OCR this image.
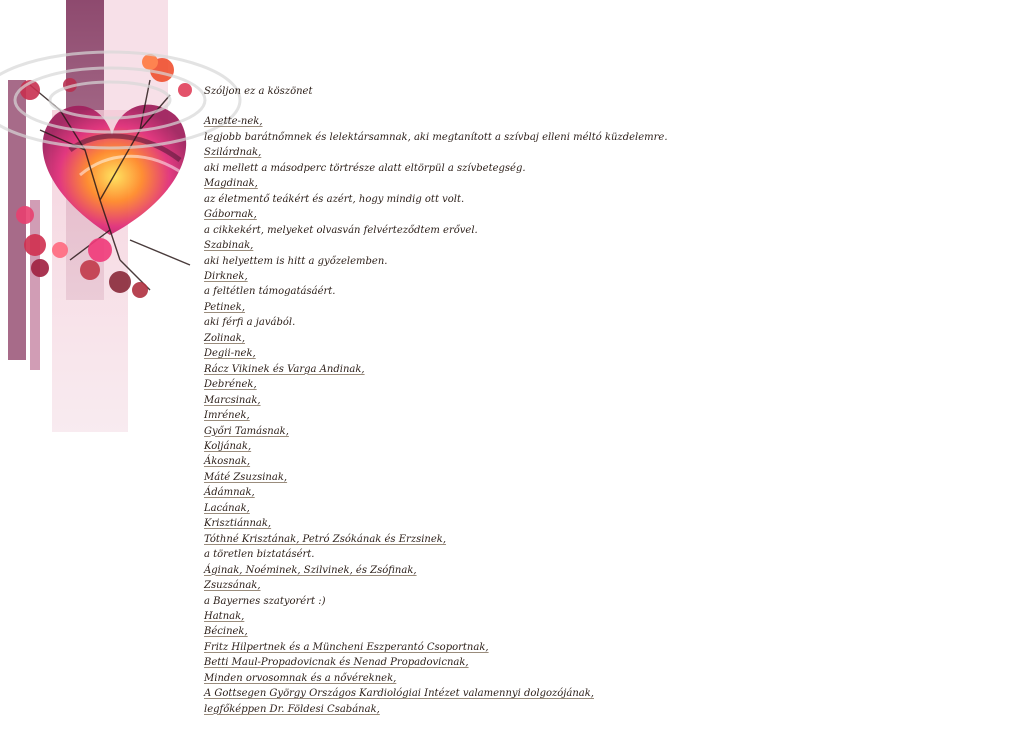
Szóljon ez a köszönet
Anette-nek,
legjobb barátnőmnek és lelektársamnak, aki megtanított a szívbaj elleni méltó küzdelemre.
Szilárdnak,
aki mellett a másodperc törtrésze alatt eltörpül a szívbetegség.
Magdinak,
az életmentő teákért és azért, hogy mindig ott volt.
Gábornak,
a cikkekért, melyeket olvasván felvérteződtem erővel.
Szabinak,
aki helyettem is hitt a győzelemben.
Dirknek,
a feltétlen támogatásáért.
Petinek,
aki férfi a javából.
Zolinak,
Degii-nek,
Rácz Vikinek és Varga Andinak,
Debrének,
Marcsinak,
Imrének,
Győri Tamásnak,
Koljának,
Ákosnak,
Máté Zsuzsinak,
Ádámnak,
Lacának,
Krisztiánnak,
Tóthné Krisztának, Petró Zsókának és Erzsinek,
a töretlen biztatásért.
Áginak, Noéminek, Szilvinek, és Zsófinak,
Zsuzsának,
a Bayernes szatyorért :)
Hatnak,
Bécinek,
Fritz Hilpertnek és a Müncheni Eszperantó Csoportnak,
Betti Maul-Propadovicnak és Nenad Propadovicnak,
Minden orvosomnak és a nővéreknek,
A Gottsegen György Országos Kardiológiai Intézet valamennyi dolgozójának,
legfőképpen Dr. Földesi Csabának,
